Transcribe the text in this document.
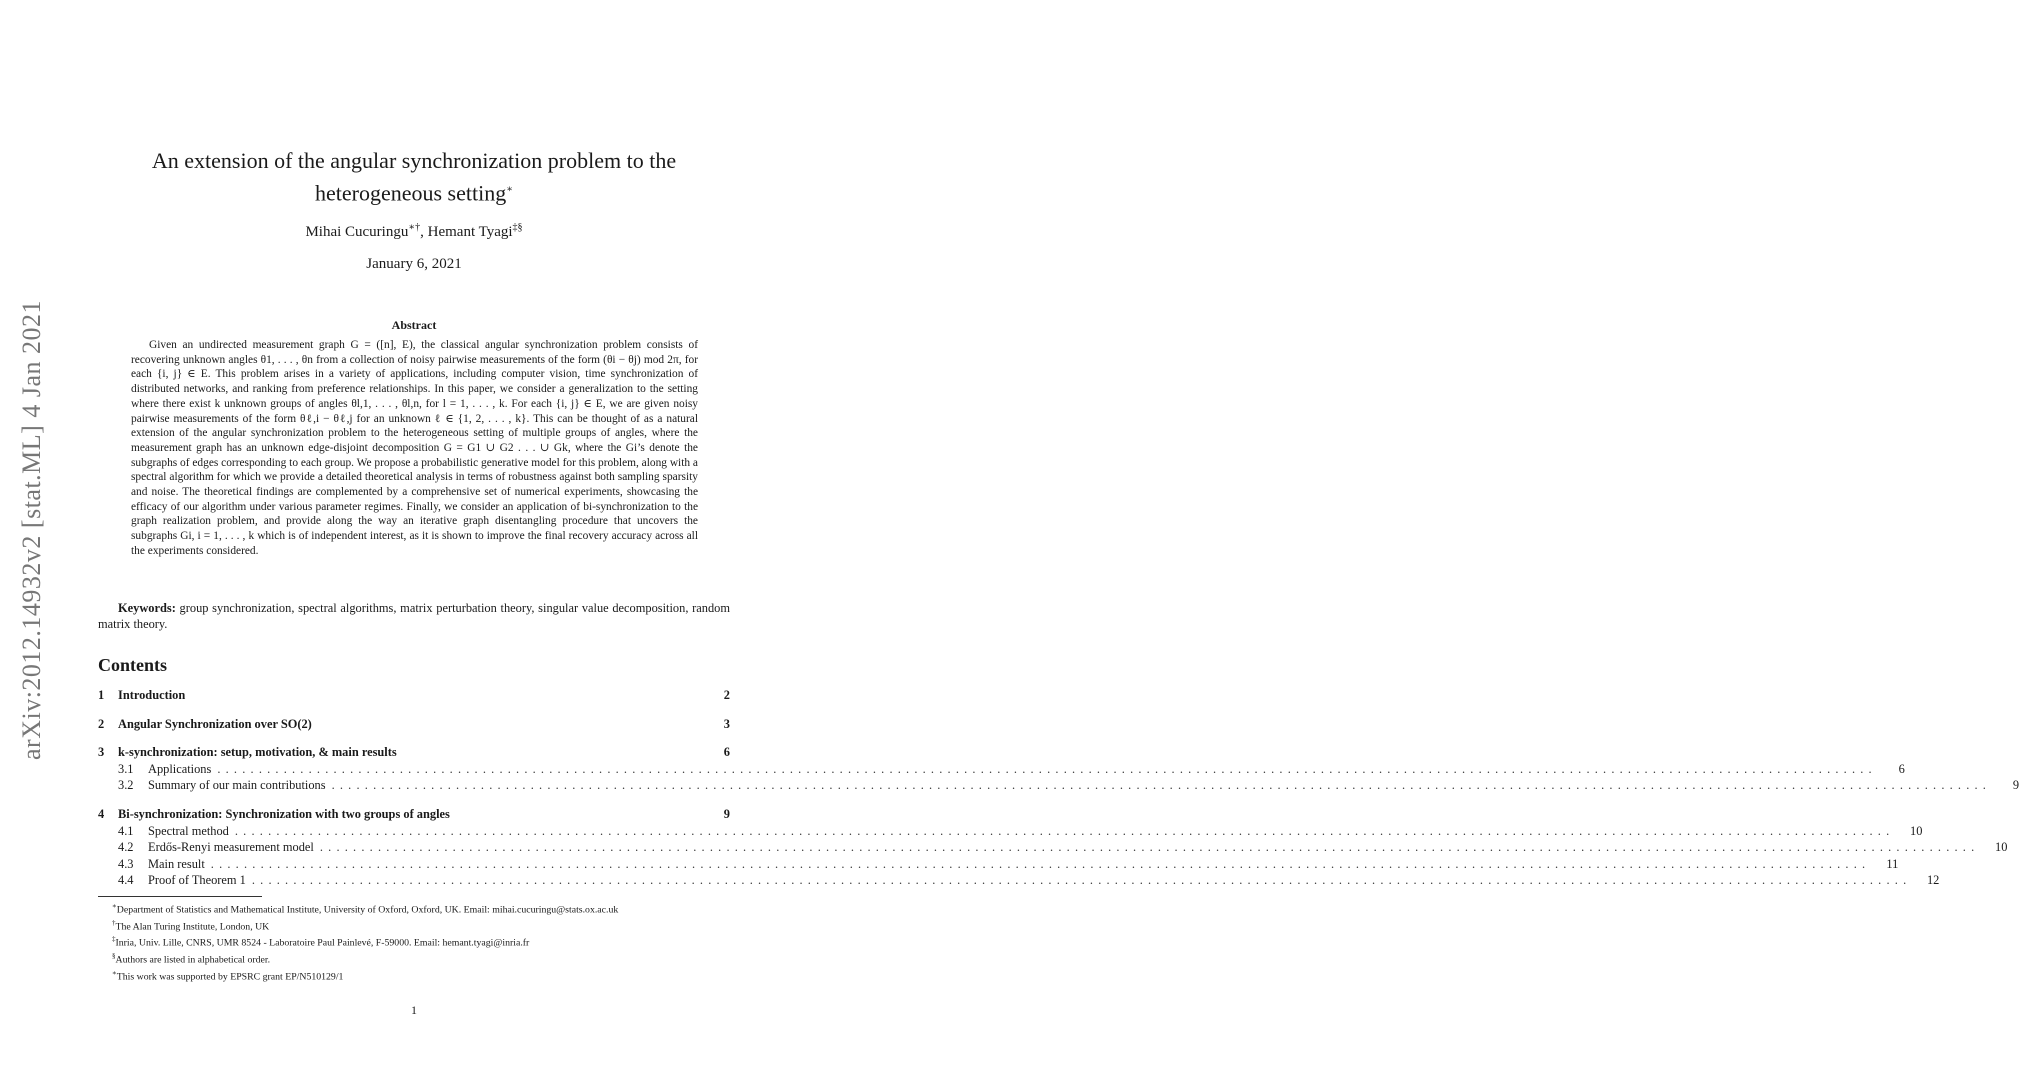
arXiv:2012.14932v2 [stat.ML] 4 Jan 2021
An extension of the angular synchronization problem to the
heterogeneous setting∗
Mihai Cucuringu∗†, Hemant Tyagi‡§
January 6, 2021
Abstract
Given an undirected measurement graph G = ([n], E), the classical angular synchronization problem consists of recovering unknown angles θ1, . . . , θn from a collection of noisy pairwise measurements of the form (θi − θj) mod 2π, for each {i, j} ∈ E. This problem arises in a variety of applications, including computer vision, time synchronization of distributed networks, and ranking from preference relationships. In this paper, we consider a generalization to the setting where there exist k unknown groups of angles θl,1, . . . , θl,n, for l = 1, . . . , k. For each {i, j} ∈ E, we are given noisy pairwise measurements of the form θℓ,i − θℓ,j for an unknown ℓ ∈ {1, 2, . . . , k}. This can be thought of as a natural extension of the angular synchronization problem to the heterogeneous setting of multiple groups of angles, where the measurement graph has an unknown edge-disjoint decomposition G = G1 ∪ G2 . . . ∪ Gk, where the Gi’s denote the subgraphs of edges corresponding to each group. We propose a probabilistic generative model for this problem, along with a spectral algorithm for which we provide a detailed theoretical analysis in terms of robustness against both sampling sparsity and noise. The theoretical findings are complemented by a comprehensive set of numerical experiments, showcasing the efficacy of our algorithm under various parameter regimes. Finally, we consider an application of bi-synchronization to the graph realization problem, and provide along the way an iterative graph disentangling procedure that uncovers the subgraphs Gi, i = 1, . . . , k which is of independent interest, as it is shown to improve the final recovery accuracy across all the experiments considered.
Keywords: group synchronization, spectral algorithms, matrix perturbation theory, singular value decomposition, random matrix theory.
Contents
1	Introduction	2
2	Angular Synchronization over SO(2)	3
3	k-synchronization: setup, motivation, & main results	6
3.1	Applications ........................................................................................................................................................................................................	6
3.2	Summary of our main contributions ........................................................................................................................................................................................................	9
4	Bi-synchronization: Synchronization with two groups of angles	9
4.1	Spectral method ........................................................................................................................................................................................................	10
4.2	Erdős-Renyi measurement model ........................................................................................................................................................................................................	10
4.3	Main result ........................................................................................................................................................................................................	11
4.4	Proof of Theorem 1 ........................................................................................................................................................................................................	12
∗Department of Statistics and Mathematical Institute, University of Oxford, Oxford, UK. Email: mihai.cucuringu@stats.ox.ac.uk
†The Alan Turing Institute, London, UK
‡Inria, Univ. Lille, CNRS, UMR 8524 - Laboratoire Paul Painlevé, F-59000. Email: hemant.tyagi@inria.fr
§Authors are listed in alphabetical order.
∗This work was supported by EPSRC grant EP/N510129/1
1
